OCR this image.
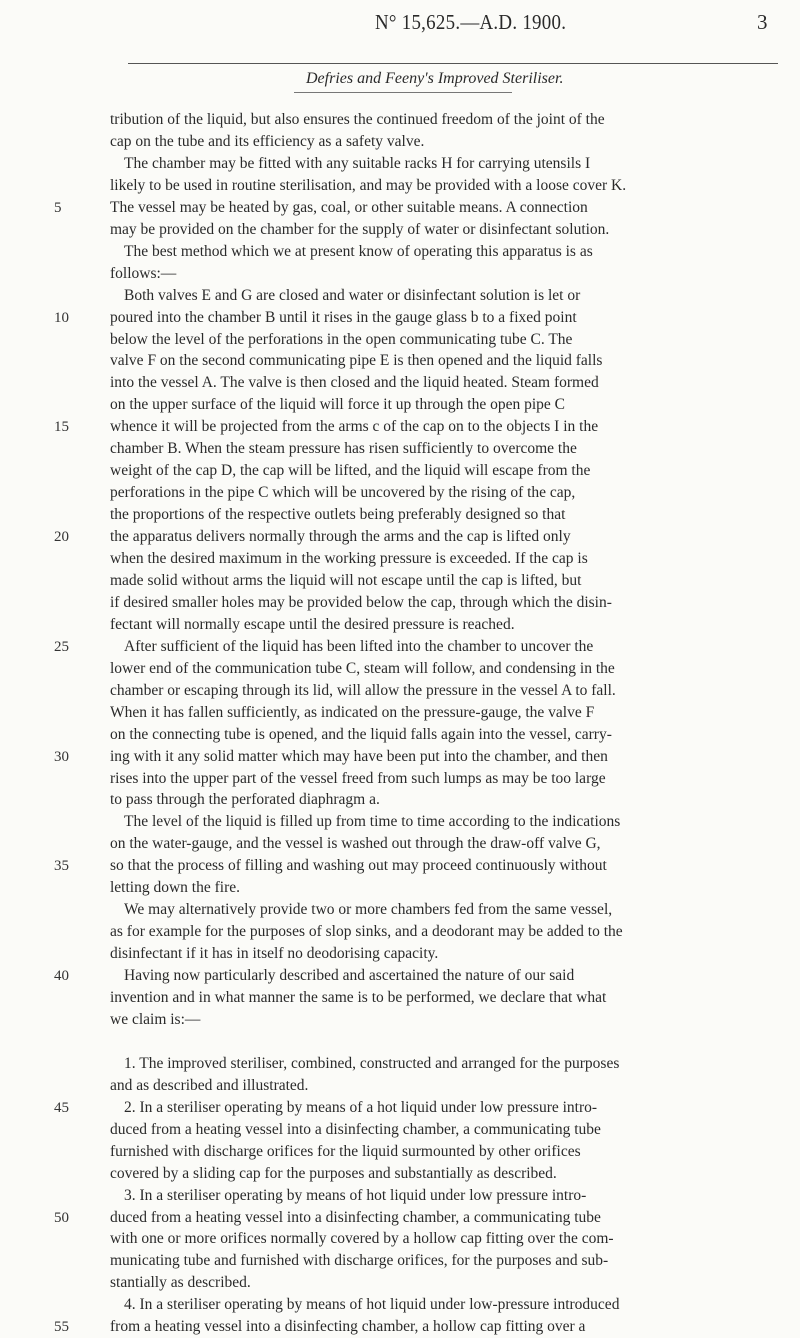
N° 15,625.—A.D. 1900.	3
Defries and Feeny's Improved Steriliser.
tribution of the liquid, but also ensures the continued freedom of the joint of the
cap on the tube and its efficiency as a safety valve.
The chamber may be fitted with any suitable racks H for carrying utensils I
likely to be used in routine sterilisation, and may be provided with a loose cover K.
5	The vessel may be heated by gas, coal, or other suitable means. A connection
may be provided on the chamber for the supply of water or disinfectant solution.
The best method which we at present know of operating this apparatus is as
follows:—
Both valves E and G are closed and water or disinfectant solution is let or
10	poured into the chamber B until it rises in the gauge glass b to a fixed point
below the level of the perforations in the open communicating tube C. The
valve F on the second communicating pipe E is then opened and the liquid falls
into the vessel A. The valve is then closed and the liquid heated. Steam formed
on the upper surface of the liquid will force it up through the open pipe C
15	whence it will be projected from the arms c of the cap on to the objects I in the
chamber B. When the steam pressure has risen sufficiently to overcome the
weight of the cap D, the cap will be lifted, and the liquid will escape from the
perforations in the pipe C which will be uncovered by the rising of the cap,
the proportions of the respective outlets being preferably designed so that
20	the apparatus delivers normally through the arms and the cap is lifted only
when the desired maximum in the working pressure is exceeded. If the cap is
made solid without arms the liquid will not escape until the cap is lifted, but
if desired smaller holes may be provided below the cap, through which the disin-
fectant will normally escape until the desired pressure is reached.
25	After sufficient of the liquid has been lifted into the chamber to uncover the
lower end of the communication tube C, steam will follow, and condensing in the
chamber or escaping through its lid, will allow the pressure in the vessel A to fall.
When it has fallen sufficiently, as indicated on the pressure-gauge, the valve F
on the connecting tube is opened, and the liquid falls again into the vessel, carry-
30	ing with it any solid matter which may have been put into the chamber, and then
rises into the upper part of the vessel freed from such lumps as may be too large
to pass through the perforated diaphragm a.
The level of the liquid is filled up from time to time according to the indications
on the water-gauge, and the vessel is washed out through the draw-off valve G,
35	so that the process of filling and washing out may proceed continuously without
letting down the fire.
We may alternatively provide two or more chambers fed from the same vessel,
as for example for the purposes of slop sinks, and a deodorant may be added to the
disinfectant if it has in itself no deodorising capacity.
40	Having now particularly described and ascertained the nature of our said
invention and in what manner the same is to be performed, we declare that what
we claim is:—
1. The improved steriliser, combined, constructed and arranged for the purposes
and as described and illustrated.
45	2. In a steriliser operating by means of a hot liquid under low pressure intro-
duced from a heating vessel into a disinfecting chamber, a communicating tube
furnished with discharge orifices for the liquid surmounted by other orifices
covered by a sliding cap for the purposes and substantially as described.
3. In a steriliser operating by means of hot liquid under low pressure intro-
50	duced from a heating vessel into a disinfecting chamber, a communicating tube
with one or more orifices normally covered by a hollow cap fitting over the com-
municating tube and furnished with discharge orifices, for the purposes and sub-
stantially as described.
4. In a steriliser operating by means of hot liquid under low-pressure introduced
55	from a heating vessel into a disinfecting chamber, a hollow cap fitting over a
